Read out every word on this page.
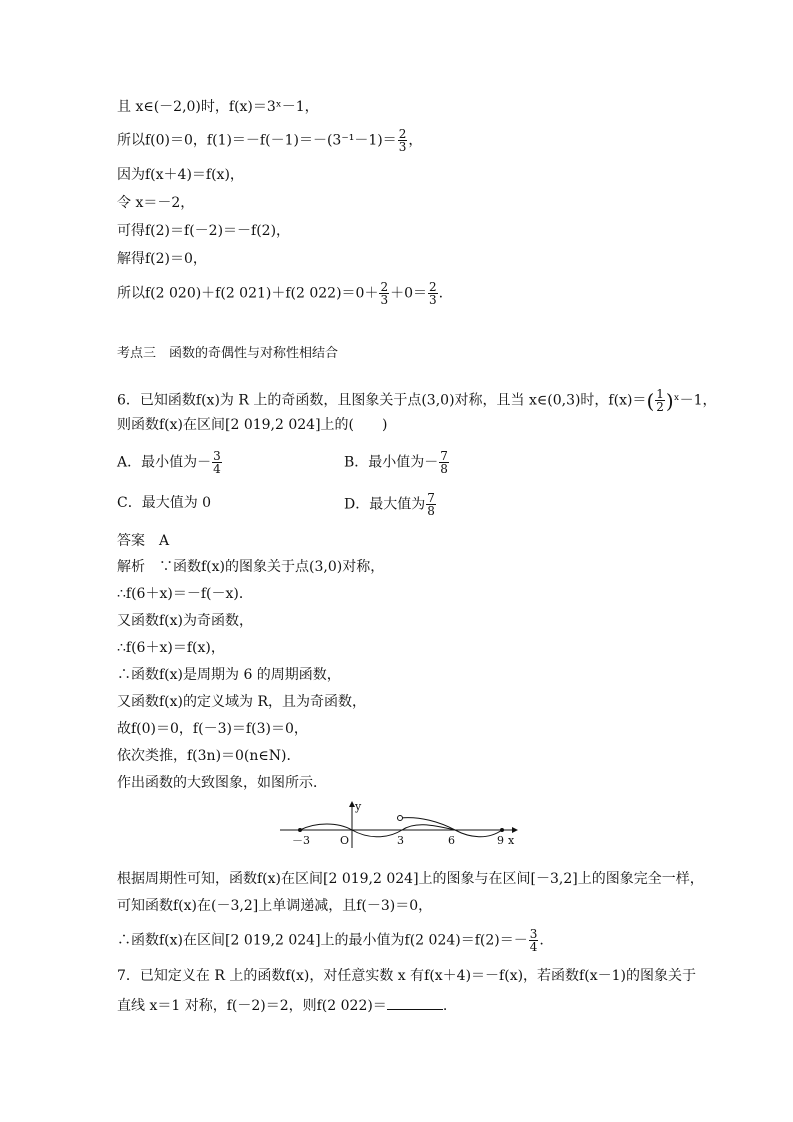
且 x∈(－2,0)时，f(x)＝3ˣ－1，
所以f(0)＝0，$f(1)=-f(-1)=-(3^{-1}-1)= \frac{2}{3}$ ，
因为f(x＋4)＝f(x)，
令 x＝－2，
可得f(2)＝f(－2)＝－f(2)，
解得f(2)＝0，
所以f(2 020)＋f(2 021)＋f(2 $022)=0+ \frac{2}{3} +0= \frac{2}{3}$ .
考点三　函数的奇偶性与对称性相结合
6．已知函数f(x)为 R 上的奇函数，且图象关于点(3,0)对称，且当 x∈(0,3)时，$f(x)=( \frac{1}{2}$ )ˣ－1，
则函数f(x)在区间[2 019,2 024]上的(　　)
A．最小值为－ $\frac{3}{4}$	B．最小值为－ $\frac{7}{8}$
C．最大值为 0	D．最大值为 $\frac{7}{8}$
答案　A
解析　∵函数f(x)的图象关于点(3,0)对称，
∴f(6＋x)＝－f(－x)．
又函数f(x)为奇函数，
∴f(6＋x)＝f(x)，
∴函数f(x)是周期为 6 的周期函数，
又函数f(x)的定义域为 R，且为奇函数，
故f(0)＝0，f(－3)＝f(3)＝0，
依次类推，f(3n)＝0(n∈N)．
作出函数的大致图象，如图所示．
y
x
O
－3	3	6	9
根据周期性可知，函数f(x)在区间[2 019,2 024]上的图象与在区间[－3,2]上的图象完全一样，
可知函数f(x)在(－3,2]上单调递减，且f(－3)＝0，
∴函数f(x)在区间[2 019,2 024]上的最小值为f(2 $024)=f(2)=- \frac{3}{4}$ .
7．已知定义在 R 上的函数f(x)，对任意实数 x 有f(x＋4)＝－f(x)，若函数f(x－1)的图象关于
直线 x＝1 对称，f(－2)＝2，则f(2 022)＝	.
